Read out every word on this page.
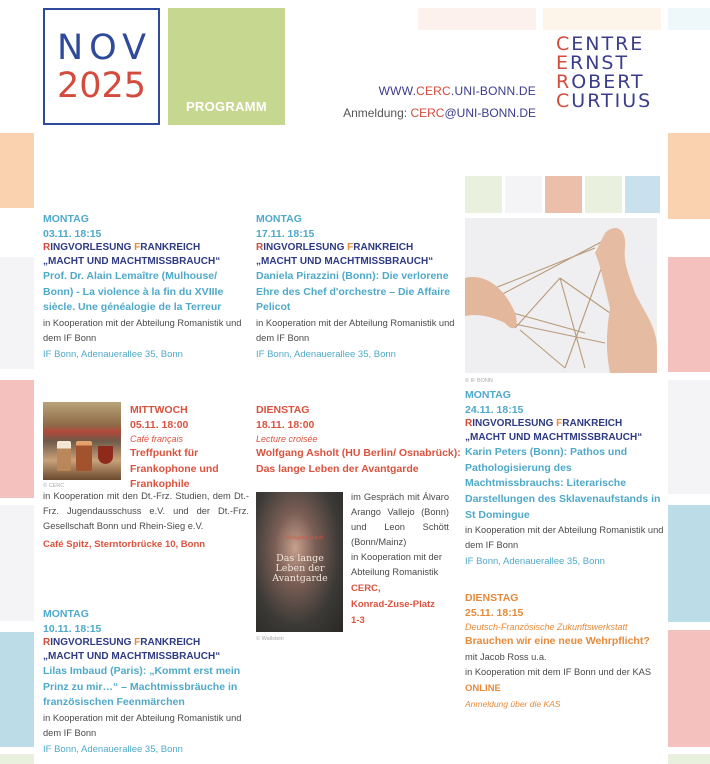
NOV
2025
PROGRAMM
WWW.CERC.UNI-BONN.DE
Anmeldung: CERC@UNI-BONN.DE
CENTRE
ERNST
ROBERT
CURTIUS
MONTAG
03.11. 18:15
RINGVORLESUNG FRANKREICH
„MACHT UND MACHTMISSBRAUCH“
Prof. Dr. Alain Lemaître (Mulhouse/ Bonn) - La violence à la fin du XVIIIe siècle. Une généalogie de la Terreur
in Kooperation mit der Abteilung Romanistik und dem IF Bonn
IF Bonn, Adenauerallee 35, Bonn
MONTAG
17.11. 18:15
RINGVORLESUNG FRANKREICH
„MACHT UND MACHTMISSBRAUCH“
Daniela Pirazzini (Bonn): Die verlorene Ehre des Chef d'orchestre – Die Affaire Pelicot
in Kooperation mit der Abteilung Romanistik und dem IF Bonn
IF Bonn, Adenauerallee 35, Bonn
© CERC
MITTWOCH
05.11. 18:00
Café français
Treffpunkt für Frankophone und Frankophile
in Kooperation mit den Dt.-Frz. Studien, dem Dt.-Frz. Jugendausschuss e.V. und der Dt.-Frz. Gesellschaft Bonn und Rhein-Sieg e.V.
Café Spitz, Sterntorbrücke 10, Bonn
DIENSTAG
18.11. 18:00
Lecture croisée
Wolfgang Asholt (HU Berlin/ Osnabrück): Das lange Leben der Avantgarde
Wolfgang Asholt
Das lange Leben der Avantgarde
© Wallstein
im Gespräch mit Álvaro Arango Vallejo (Bonn) und Leon Schött (Bonn/Mainz)
in Kooperation mit der Abteilung Romanistik
CERC,
Konrad-Zuse-Platz
1-3
© IF BONN
MONTAG
24.11. 18:15
RINGVORLESUNG FRANKREICH
„MACHT UND MACHTMISSBRAUCH“
Karin Peters (Bonn): Pathos und Pathologisierung des Machtmissbrauchs: Literarische Darstellungen des Sklavenaufstands in St Domingue
in Kooperation mit der Abteilung Romanistik und dem IF Bonn
IF Bonn, Adenauerallee 35, Bonn
DIENSTAG
25.11. 18:15
Deutsch-Französische Zukunftswerkstatt
Brauchen wir eine neue Wehrpflicht?
mit Jacob Ross u.a.
in Kooperation mit dem IF Bonn und der KAS
ONLINE
Anmeldung über die KAS
MONTAG
10.11. 18:15
RINGVORLESUNG FRANKREICH
„MACHT UND MACHTMISSBRAUCH“
Lilas Imbaud (Paris): „Kommt erst mein Prinz zu mir…“ – Machtmissbräuche in französischen Feenmärchen
in Kooperation mit der Abteilung Romanistik und dem IF Bonn
IF Bonn, Adenauerallee 35, Bonn
